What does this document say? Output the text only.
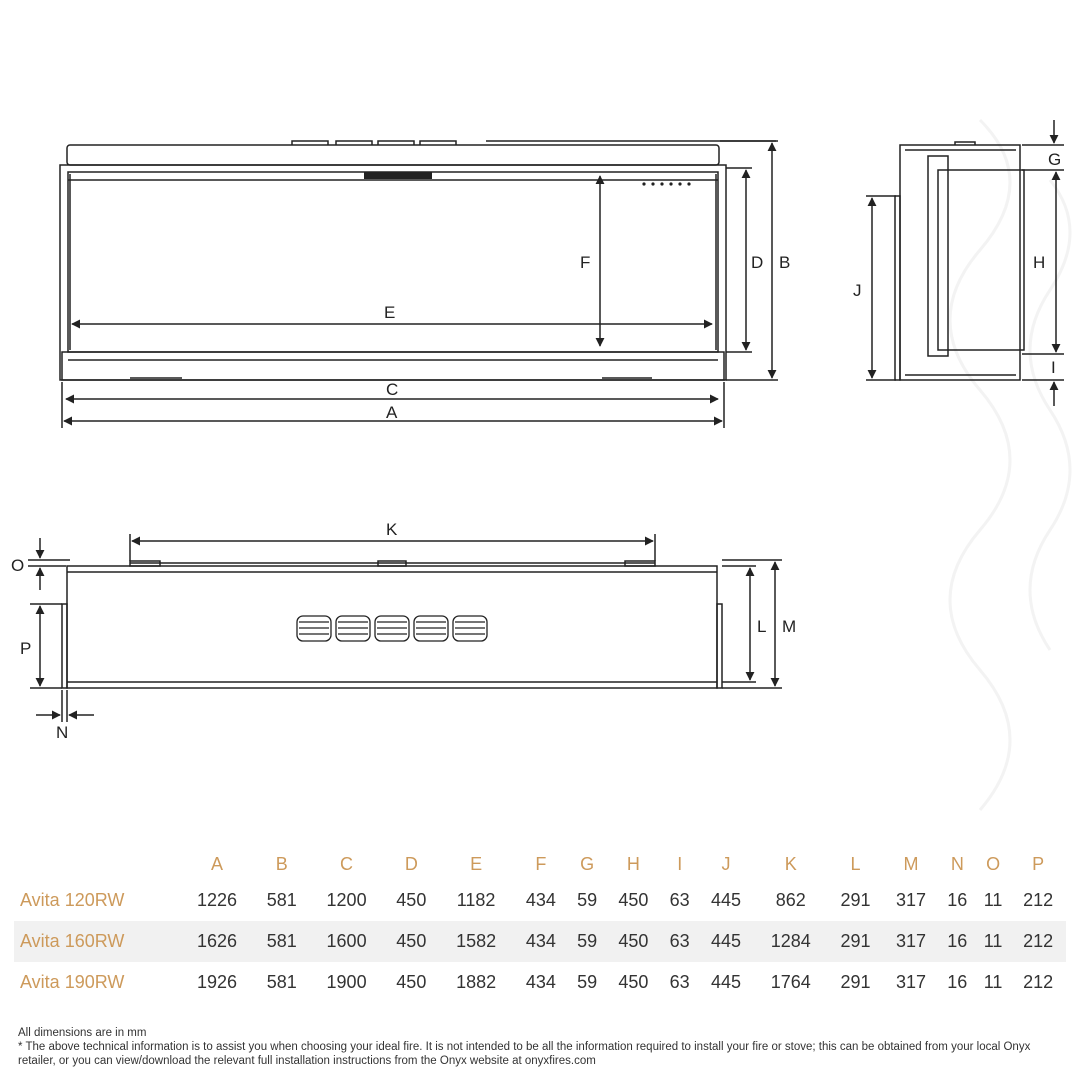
F
E
D B
C
A
G
H
I
J
K
O
P
N
L M
	A	B	C	D	E	F	G	H	I	J	K	L	M	N	O	P
Avita 120RW	1226	581	1200	450	1182	434	59	450	63	445	862	291	317	16	11	212
Avita 160RW	1626	581	1600	450	1582	434	59	450	63	445	1284	291	317	16	11	212
Avita 190RW	1926	581	1900	450	1882	434	59	450	63	445	1764	291	317	16	11	212

All dimensions are in mm

* The above technical information is to assist you when choosing your ideal fire. It is not intended to be all the information required to install your fire or stove; this can be obtained from your local Onyx retailer, or you can view/download the relevant full installation instructions from the Onyx website at onyxfires.com
